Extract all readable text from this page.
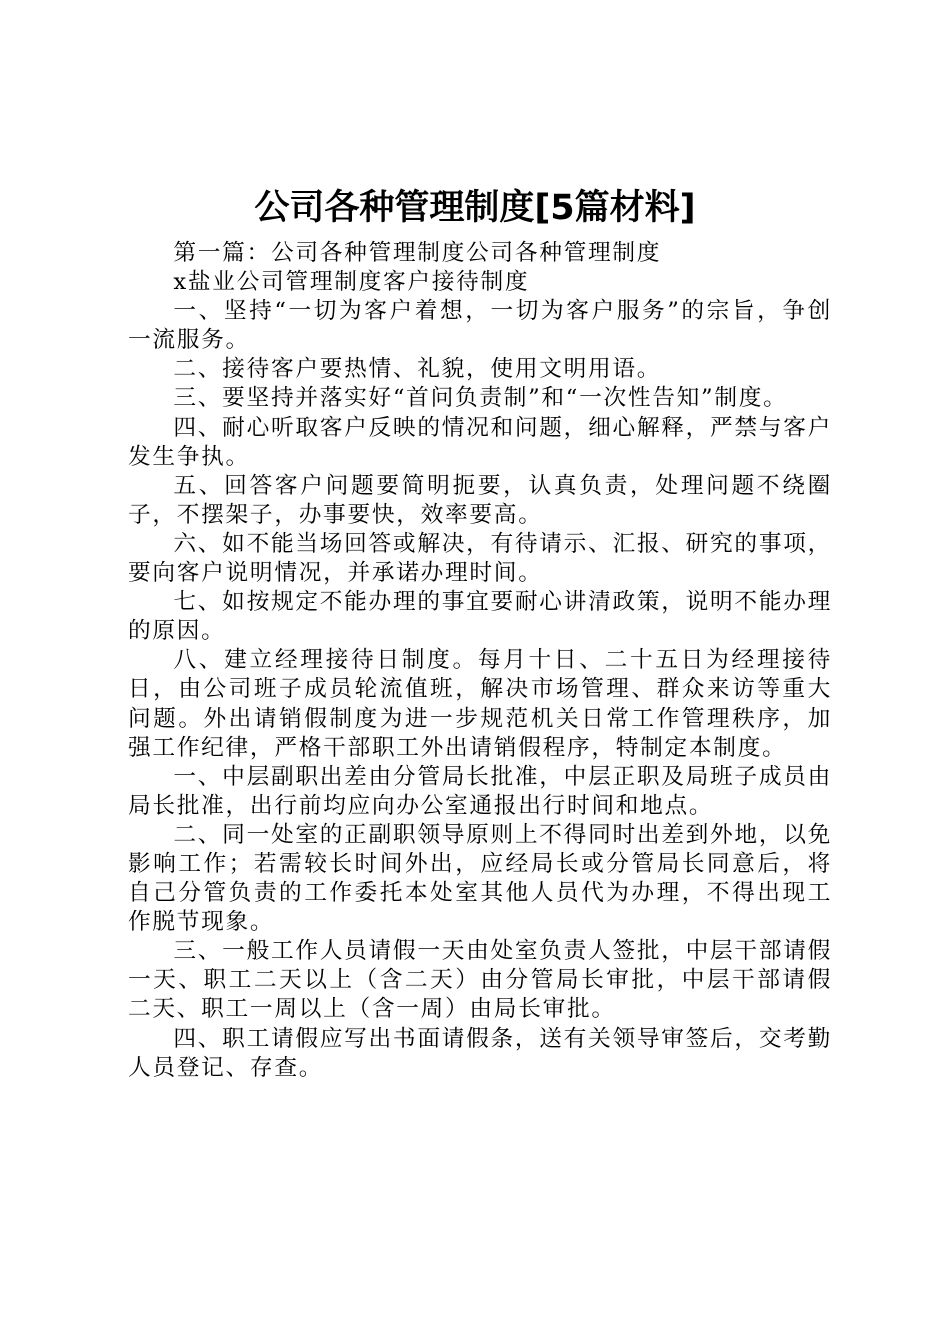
公司各种管理制度[5篇材料]

第一篇：公司各种管理制度公司各种管理制度

x盐业公司管理制度客户接待制度

一、坚持“一切为客户着想，一切为客户服务”的宗旨，争创一流服务。

二、接待客户要热情、礼貌，使用文明用语。

三、要坚持并落实好“首问负责制”和“一次性告知”制度。

四、耐心听取客户反映的情况和问题，细心解释，严禁与客户发生争执。

五、回答客户问题要简明扼要，认真负责，处理问题不绕圈子，不摆架子，办事要快，效率要高。

六、如不能当场回答或解决，有待请示、汇报、研究的事项，要向客户说明情况，并承诺办理时间。

七、如按规定不能办理的事宜要耐心讲清政策，说明不能办理的原因。

八、建立经理接待日制度。每月十日、二十五日为经理接待日，由公司班子成员轮流值班，解决市场管理、群众来访等重大问题。外出请销假制度为进一步规范机关日常工作管理秩序，加强工作纪律，严格干部职工外出请销假程序，特制定本制度。

一、中层副职出差由分管局长批准，中层正职及局班子成员由局长批准，出行前均应向办公室通报出行时间和地点。

二、同一处室的正副职领导原则上不得同时出差到外地，以免影响工作；若需较长时间外出，应经局长或分管局长同意后，将自己分管负责的工作委托本处室其他人员代为办理，不得出现工作脱节现象。

三、一般工作人员请假一天由处室负责人签批，中层干部请假一天、职工二天以上（含二天）由分管局长审批，中层干部请假二天、职工一周以上（含一周）由局长审批。

四、职工请假应写出书面请假条，送有关领导审签后，交考勤人员登记、存查。
